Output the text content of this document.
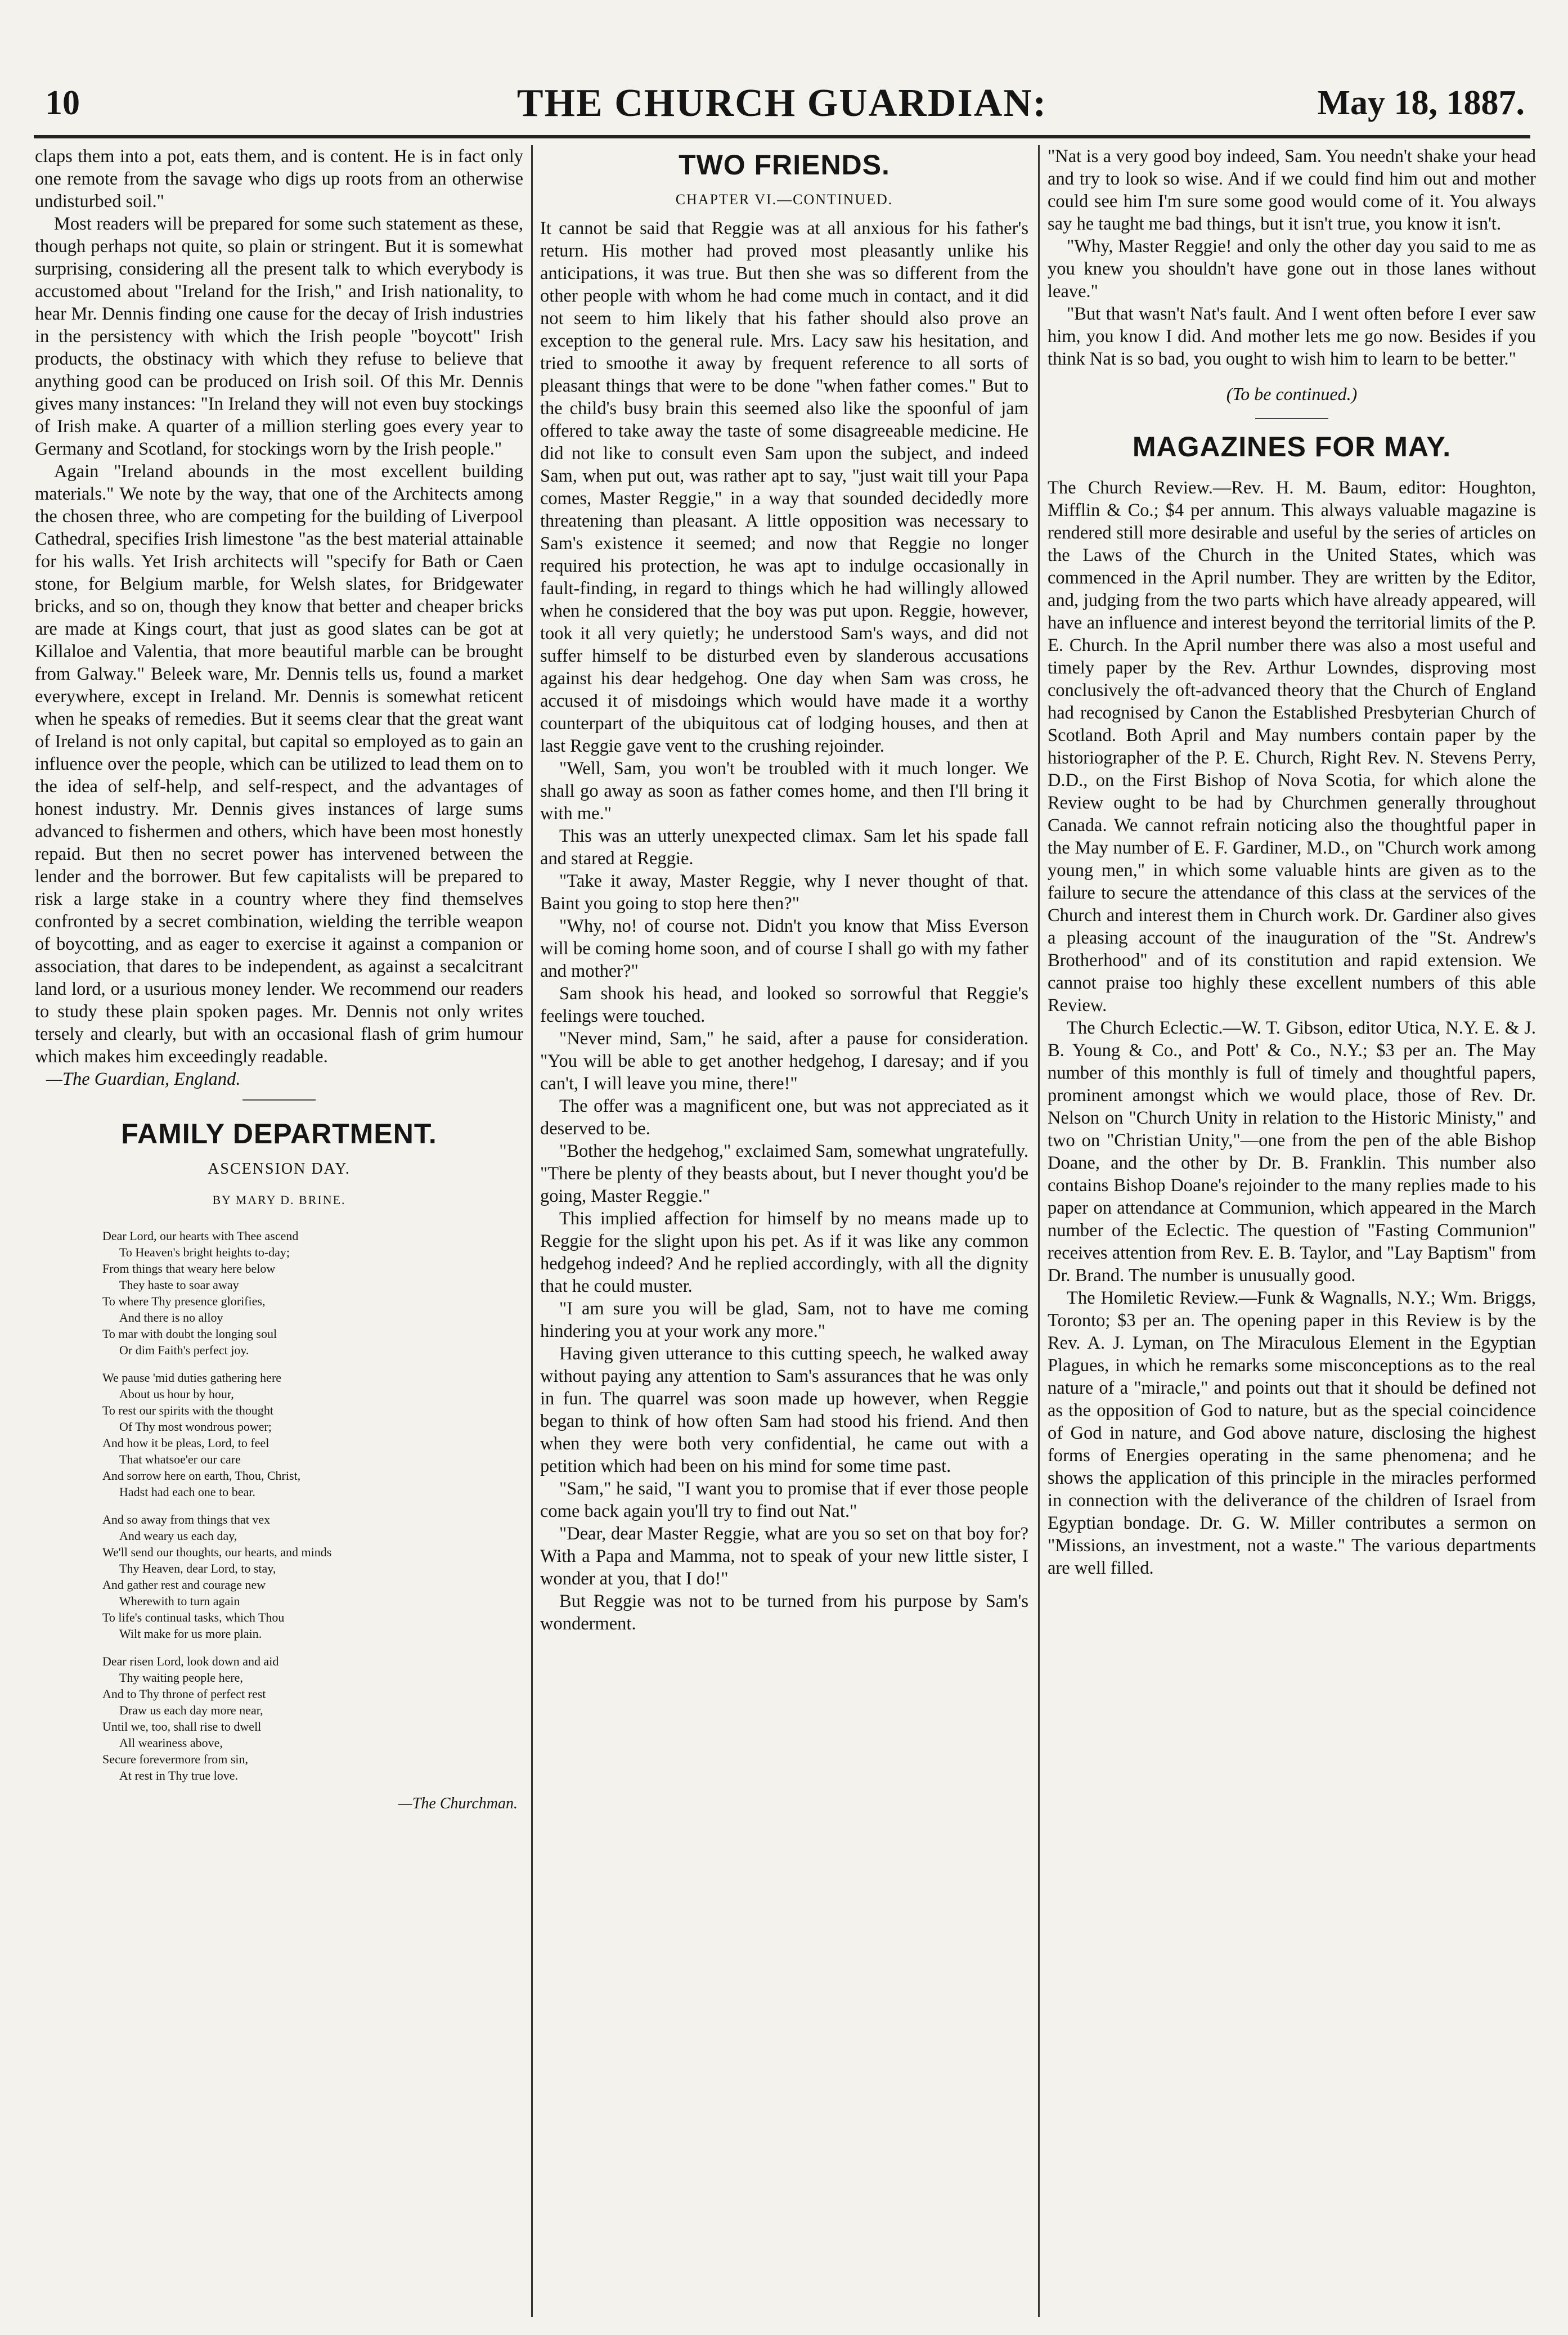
10	THE CHURCH GUARDIAN:	May 18, 1887.

claps them into a pot, eats them, and is content. He is in fact only one remote from the savage who digs up roots from an otherwise undisturbed soil."

Most readers will be prepared for some such statement as these, though perhaps not quite, so plain or stringent. But it is somewhat surprising, considering all the present talk to which everybody is accustomed about "Ireland for the Irish," and Irish nationality, to hear Mr. Dennis finding one cause for the decay of Irish industries in the persistency with which the Irish people "boycott" Irish products, the obstinacy with which they refuse to believe that anything good can be produced on Irish soil. Of this Mr. Dennis gives many instances: "In Ireland they will not even buy stockings of Irish make. A quarter of a million sterling goes every year to Germany and Scotland, for stockings worn by the Irish people."

Again "Ireland abounds in the most excellent building materials." We note by the way, that one of the Architects among the chosen three, who are competing for the building of Liverpool Cathedral, specifies Irish limestone "as the best material attainable for his walls. Yet Irish architects will "specify for Bath or Caen stone, for Belgium marble, for Welsh slates, for Bridgewater bricks, and so on, though they know that better and cheaper bricks are made at Kings court, that just as good slates can be got at Killaloe and Valentia, that more beautiful marble can be brought from Galway." Beleek ware, Mr. Dennis tells us, found a market everywhere, except in Ireland. Mr. Dennis is somewhat reticent when he speaks of remedies. But it seems clear that the great want of Ireland is not only capital, but capital so employed as to gain an influence over the people, which can be utilized to lead them on to the idea of self-help, and self-respect, and the advantages of honest industry. Mr. Dennis gives instances of large sums advanced to fishermen and others, which have been most honestly repaid. But then no secret power has intervened between the lender and the borrower. But few capitalists will be prepared to risk a large stake in a country where they find themselves confronted by a secret combination, wielding the terrible weapon of boycotting, and as eager to exercise it against a companion or association, that dares to be independent, as against a secalcitrant land lord, or a usurious money lender. We recommend our readers to study these plain spoken pages. Mr. Dennis not only writes tersely and clearly, but with an occasional flash of grim humour which makes him exceedingly readable.

—The Guardian, England.

FAMILY DEPARTMENT.
ASCENSION DAY.
BY MARY D. BRINE.
Dear Lord, our hearts with Thee ascend
To Heaven's bright heights to-day;
From things that weary here below
They haste to soar away
To where Thy presence glorifies,
And there is no alloy
To mar with doubt the longing soul
Or dim Faith's perfect joy.
We pause 'mid duties gathering here
About us hour by hour,
To rest our spirits with the thought
Of Thy most wondrous power;
And how it be pleas, Lord, to feel
That whatsoe'er our care
And sorrow here on earth, Thou, Christ,
Hadst had each one to bear.
And so away from things that vex
And weary us each day,
We'll send our thoughts, our hearts, and minds
Thy Heaven, dear Lord, to stay,
And gather rest and courage new
Wherewith to turn again
To life's continual tasks, which Thou
Wilt make for us more plain.
Dear risen Lord, look down and aid
Thy waiting people here,
And to Thy throne of perfect rest
Draw us each day more near,
Until we, too, shall rise to dwell
All weariness above,
Secure forevermore from sin,
At rest in Thy true love.
—The Churchman.
TWO FRIENDS.
CHAPTER VI.—CONTINUED.

It cannot be said that Reggie was at all anxious for his father's return. His mother had proved most pleasantly unlike his anticipations, it was true. But then she was so different from the other people with whom he had come much in contact, and it did not seem to him likely that his father should also prove an exception to the general rule. Mrs. Lacy saw his hesitation, and tried to smoothe it away by frequent reference to all sorts of pleasant things that were to be done "when father comes." But to the child's busy brain this seemed also like the spoonful of jam offered to take away the taste of some disagreeable medicine. He did not like to consult even Sam upon the subject, and indeed Sam, when put out, was rather apt to say, "just wait till your Papa comes, Master Reggie," in a way that sounded decidedly more threatening than pleasant. A little opposition was necessary to Sam's existence it seemed; and now that Reggie no longer required his protection, he was apt to indulge occasionally in fault-finding, in regard to things which he had willingly allowed when he considered that the boy was put upon. Reggie, however, took it all very quietly; he understood Sam's ways, and did not suffer himself to be disturbed even by slanderous accusations against his dear hedgehog. One day when Sam was cross, he accused it of misdoings which would have made it a worthy counterpart of the ubiquitous cat of lodging houses, and then at last Reggie gave vent to the crushing rejoinder.

"Well, Sam, you won't be troubled with it much longer. We shall go away as soon as father comes home, and then I'll bring it with me."

This was an utterly unexpected climax. Sam let his spade fall and stared at Reggie.

"Take it away, Master Reggie, why I never thought of that. Baint you going to stop here then?"

"Why, no! of course not. Didn't you know that Miss Everson will be coming home soon, and of course I shall go with my father and mother?"

Sam shook his head, and looked so sorrowful that Reggie's feelings were touched.

"Never mind, Sam," he said, after a pause for consideration. "You will be able to get another hedgehog, I daresay; and if you can't, I will leave you mine, there!"

The offer was a magnificent one, but was not appreciated as it deserved to be.

"Bother the hedgehog," exclaimed Sam, somewhat ungratefully. "There be plenty of they beasts about, but I never thought you'd be going, Master Reggie."

This implied affection for himself by no means made up to Reggie for the slight upon his pet. As if it was like any common hedgehog indeed? And he replied accordingly, with all the dignity that he could muster.

"I am sure you will be glad, Sam, not to have me coming hindering you at your work any more."

Having given utterance to this cutting speech, he walked away without paying any attention to Sam's assurances that he was only in fun. The quarrel was soon made up however, when Reggie began to think of how often Sam had stood his friend. And then when they were both very confidential, he came out with a petition which had been on his mind for some time past.

"Sam," he said, "I want you to promise that if ever those people come back again you'll try to find out Nat."

"Dear, dear Master Reggie, what are you so set on that boy for? With a Papa and Mamma, not to speak of your new little sister, I wonder at you, that I do!"

But Reggie was not to be turned from his purpose by Sam's wonderment.

"Nat is a very good boy indeed, Sam. You needn't shake your head and try to look so wise. And if we could find him out and mother could see him I'm sure some good would come of it. You always say he taught me bad things, but it isn't true, you know it isn't.

"Why, Master Reggie! and only the other day you said to me as you knew you shouldn't have gone out in those lanes without leave."

"But that wasn't Nat's fault. And I went often before I ever saw him, you know I did. And mother lets me go now. Besides if you think Nat is so bad, you ought to wish him to learn to be better."

(To be continued.)
MAGAZINES FOR MAY.

The Church Review.—Rev. H. M. Baum, editor: Houghton, Mifflin & Co.; $4 per annum. This always valuable magazine is rendered still more desirable and useful by the series of articles on the Laws of the Church in the United States, which was commenced in the April number. They are written by the Editor, and, judging from the two parts which have already appeared, will have an influence and interest beyond the territorial limits of the P. E. Church. In the April number there was also a most useful and timely paper by the Rev. Arthur Lowndes, disproving most conclusively the oft-advanced theory that the Church of England had recognised by Canon the Established Presbyterian Church of Scotland. Both April and May numbers contain paper by the historiographer of the P. E. Church, Right Rev. N. Stevens Perry, D.D., on the First Bishop of Nova Scotia, for which alone the Review ought to be had by Churchmen generally throughout Canada. We cannot refrain noticing also the thoughtful paper in the May number of E. F. Gardiner, M.D., on "Church work among young men," in which some valuable hints are given as to the failure to secure the attendance of this class at the services of the Church and interest them in Church work. Dr. Gardiner also gives a pleasing account of the inauguration of the "St. Andrew's Brotherhood" and of its constitution and rapid extension. We cannot praise too highly these excellent numbers of this able Review.

The Church Eclectic.—W. T. Gibson, editor Utica, N.Y. E. & J. B. Young & Co., and Pott' & Co., N.Y.; $3 per an. The May number of this monthly is full of timely and thoughtful papers, prominent amongst which we would place, those of Rev. Dr. Nelson on "Church Unity in relation to the Historic Ministy," and two on "Christian Unity,"—one from the pen of the able Bishop Doane, and the other by Dr. B. Franklin. This number also contains Bishop Doane's rejoinder to the many replies made to his paper on attendance at Communion, which appeared in the March number of the Eclectic. The question of "Fasting Communion" receives attention from Rev. E. B. Taylor, and "Lay Baptism" from Dr. Brand. The number is unusually good.

The Homiletic Review.—Funk & Wagnalls, N.Y.; Wm. Briggs, Toronto; $3 per an. The opening paper in this Review is by the Rev. A. J. Lyman, on The Miraculous Element in the Egyptian Plagues, in which he remarks some misconceptions as to the real nature of a "miracle," and points out that it should be defined not as the opposition of God to nature, but as the special coincidence of God in nature, and God above nature, disclosing the highest forms of Energies operating in the same phenomena; and he shows the application of this principle in the miracles performed in connection with the deliverance of the children of Israel from Egyptian bondage. Dr. G. W. Miller contributes a sermon on "Missions, an investment, not a waste." The various departments are well filled.
